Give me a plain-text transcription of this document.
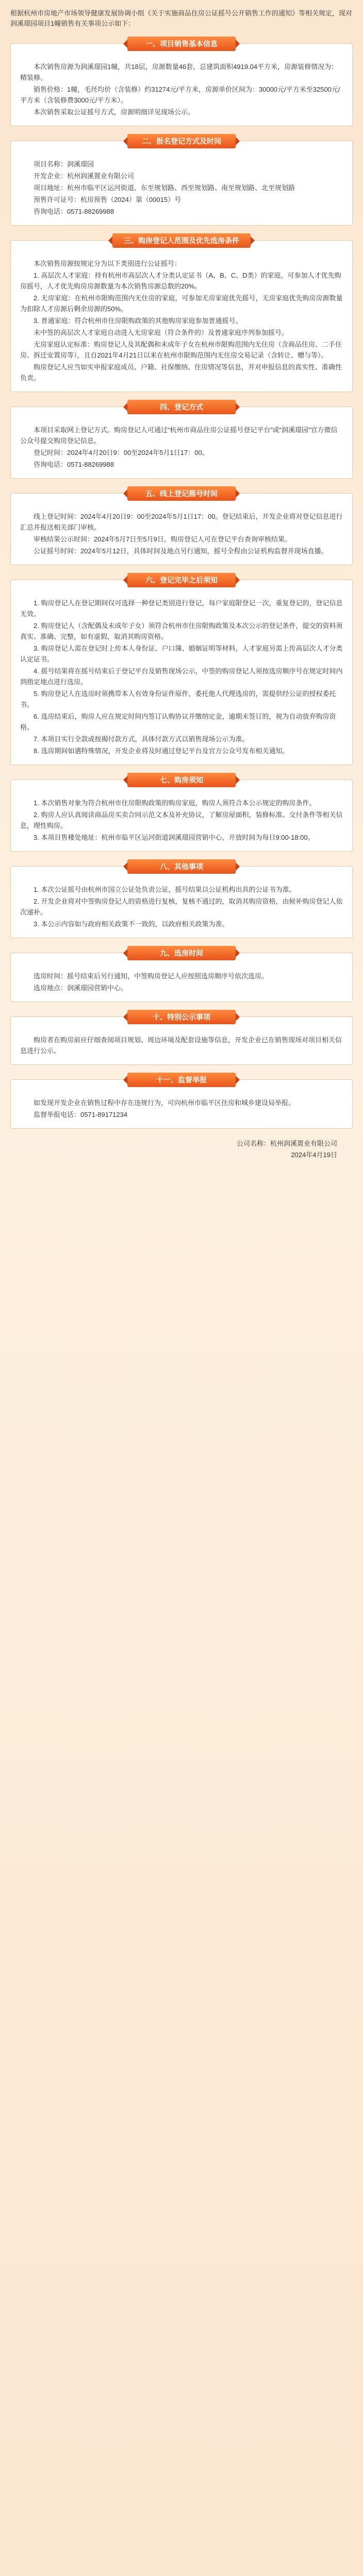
根据杭州市房地产市场领导健康发展协调小组《关于实施商品住房公证摇号公开销售工作的通知》等相关规定，现对润溪璟园项目1幢销售有关事项公示如下：
一、项目销售基本信息

本次销售房源为润溪璟园1幢，共18层，房源数量46套，总建筑面积4919.04平方米，房源装修情况为：精装修。

销售价格：1幢，毛坯均价（含装修）约31274元/平方米，房源单价区间为：30000元/平方米至32500元/平方米（含装修费3000元/平方米）。

本次销售采取公证摇号方式，房源明细详见现场公示。

二、报名登记方式及时间

项目名称：润溪璟园

开发企业：杭州润溪置业有限公司

项目地址：杭州市临平区运河街道、东至规划路、西至规划路、南至规划路、北至规划路

预售许可证号：杭房预售（2024）第（00015）号

咨询电话：0571-88269988

三、购房登记人范围及优先选房条件

本次销售房源按规定分为以下类别进行公证摇号：

1. 高层次人才家庭：持有杭州市高层次人才分类认定证书（A、B、C、D类）的家庭，可参加人才优先购房摇号，人才优先购房房源数量为本次销售房源总数的20%。

2. 无房家庭：在杭州市限购范围内无住房的家庭，可参加无房家庭优先摇号，无房家庭优先购房房源数量为扣除人才房源后剩余房源的50%。

3. 普通家庭：符合杭州市住房限购政策的其他购房家庭参加普通摇号。

未中签的高层次人才家庭自动进入无房家庭（符合条件的）及普通家庭序列参加摇号。

无房家庭认定标准：购房登记人及其配偶和未成年子女在杭州市限购范围内无住房（含商品住房、二手住房、拆迁安置房等），且自2021年4月21日以来在杭州市限购范围内无住房交易记录（含转让、赠与等）。

购房登记人应当如实申报家庭成员、户籍、社保缴纳、住房情况等信息，并对申报信息的真实性、准确性负责。

四、登记方式

本项目采取网上登记方式。购房登记人可通过“杭州市商品住房公证摇号登记平台”或“润溪璟园”官方微信公众号提交购房登记信息。

登记时间：2024年4月20日9：00至2024年5月1日17：00。

咨询电话：0571-88269988

五、线上登记摇号时间

线上登记时间：2024年4月20日9：00至2024年5月1日17：00。登记结束后，开发企业将对登记信息进行汇总并报送相关部门审核。

审核结果公示时间：2024年5月7日至5月9日，购房登记人可在登记平台查询审核结果。

公证摇号时间：2024年5月12日，具体时间及地点另行通知，摇号全程由公证机构监督并现场直播。

六、登记完毕之后须知

1. 购房登记人在登记期间仅可选择一种登记类别进行登记，每户家庭限登记一次，重复登记的，登记信息无效。

2. 购房登记人（含配偶及未成年子女）须符合杭州市住房限购政策及本次公示的登记条件，提交的资料须真实、准确、完整，如有虚假，取消其购房资格。

3. 购房登记人需在登记时上传本人身份证、户口簿、婚姻证明等材料，人才家庭另需上传高层次人才分类认定证书。

4. 摇号结果将在摇号结束后于登记平台及销售现场公示，中签的购房登记人须按选房顺序号在规定时间内到指定地点进行选房。

5. 购房登记人在选房时须携带本人有效身份证件原件，委托他人代理选房的，需提供经公证的授权委托书。

6. 选房结束后，购房人应在规定时间内签订认购协议并缴纳定金，逾期未签订的，视为自动放弃购房资格。

7. 本项目实行全款或按揭付款方式，具体付款方式以销售现场公示为准。

8. 选房期间如遇特殊情况，开发企业将及时通过登记平台及官方公众号发布相关通知。

七、购房须知

1. 本次销售对象为符合杭州市住房限购政策的购房家庭，购房人须符合本公示规定的购房条件。

2. 购房人应认真阅读商品房买卖合同示范文本及补充协议，了解房屋面积、装修标准、交付条件等相关信息，理性购房。

3. 本项目售楼处地址：杭州市临平区运河街道润溪璟园营销中心，开放时间为每日9:00-18:00。

八、其他事项

1. 本次公证摇号由杭州市国立公证处负责公证，摇号结果以公证机构出具的公证书为准。

2. 开发企业将对中签购房登记人的资格进行复核，复核不通过的，取消其购房资格，由候补购房登记人依次递补。

3. 本公示内容如与政府相关政策不一致的，以政府相关政策为准。

九、选房时间

选房时间：摇号结束后另行通知，中签购房登记人应按照选房顺序号依次选房。

选房地点：润溪璟园营销中心。

十、特别公示事项

购房者在购房前应仔细查阅项目规划、周边环境及配套设施等信息，开发企业已在销售现场对项目相关信息进行公示。

十一、监督举报

如发现开发企业在销售过程中存在违规行为，可向杭州市临平区住房和城乡建设局举报。

监督举报电话：0571-89171234

公司名称：杭州润溪置业有限公司
2024年4月19日
